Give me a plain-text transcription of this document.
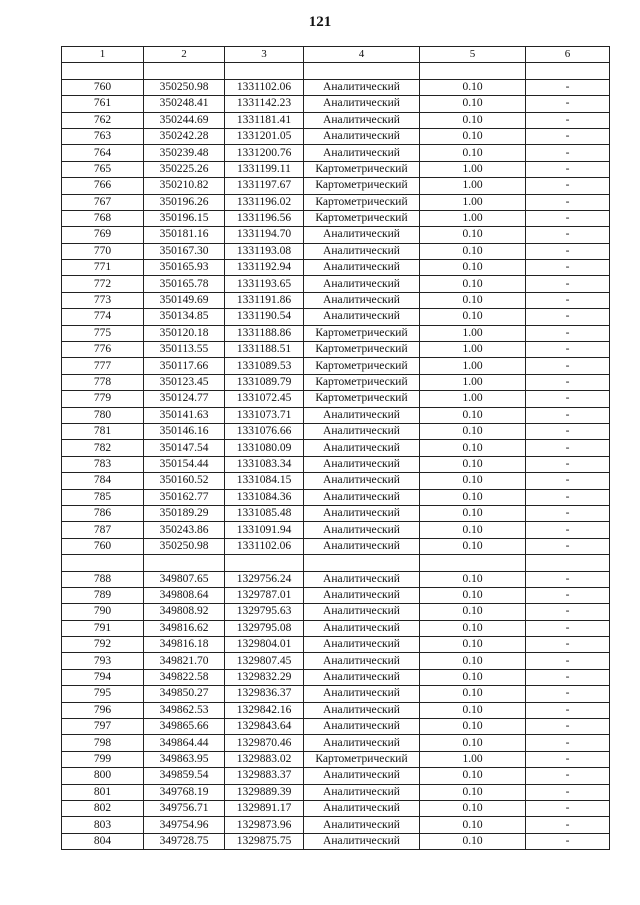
121
1	2	3	4	5	6

760	350250.98	1331102.06	Аналитический	0.10	-
761	350248.41	1331142.23	Аналитический	0.10	-
762	350244.69	1331181.41	Аналитический	0.10	-
763	350242.28	1331201.05	Аналитический	0.10	-
764	350239.48	1331200.76	Аналитический	0.10	-
765	350225.26	1331199.11	Картометрический	1.00	-
766	350210.82	1331197.67	Картометрический	1.00	-
767	350196.26	1331196.02	Картометрический	1.00	-
768	350196.15	1331196.56	Картометрический	1.00	-
769	350181.16	1331194.70	Аналитический	0.10	-
770	350167.30	1331193.08	Аналитический	0.10	-
771	350165.93	1331192.94	Аналитический	0.10	-
772	350165.78	1331193.65	Аналитический	0.10	-
773	350149.69	1331191.86	Аналитический	0.10	-
774	350134.85	1331190.54	Аналитический	0.10	-
775	350120.18	1331188.86	Картометрический	1.00	-
776	350113.55	1331188.51	Картометрический	1.00	-
777	350117.66	1331089.53	Картометрический	1.00	-
778	350123.45	1331089.79	Картометрический	1.00	-
779	350124.77	1331072.45	Картометрический	1.00	-
780	350141.63	1331073.71	Аналитический	0.10	-
781	350146.16	1331076.66	Аналитический	0.10	-
782	350147.54	1331080.09	Аналитический	0.10	-
783	350154.44	1331083.34	Аналитический	0.10	-
784	350160.52	1331084.15	Аналитический	0.10	-
785	350162.77	1331084.36	Аналитический	0.10	-
786	350189.29	1331085.48	Аналитический	0.10	-
787	350243.86	1331091.94	Аналитический	0.10	-
760	350250.98	1331102.06	Аналитический	0.10	-

788	349807.65	1329756.24	Аналитический	0.10	-
789	349808.64	1329787.01	Аналитический	0.10	-
790	349808.92	1329795.63	Аналитический	0.10	-
791	349816.62	1329795.08	Аналитический	0.10	-
792	349816.18	1329804.01	Аналитический	0.10	-
793	349821.70	1329807.45	Аналитический	0.10	-
794	349822.58	1329832.29	Аналитический	0.10	-
795	349850.27	1329836.37	Аналитический	0.10	-
796	349862.53	1329842.16	Аналитический	0.10	-
797	349865.66	1329843.64	Аналитический	0.10	-
798	349864.44	1329870.46	Аналитический	0.10	-
799	349863.95	1329883.02	Картометрический	1.00	-
800	349859.54	1329883.37	Аналитический	0.10	-
801	349768.19	1329889.39	Аналитический	0.10	-
802	349756.71	1329891.17	Аналитический	0.10	-
803	349754.96	1329873.96	Аналитический	0.10	-
804	349728.75	1329875.75	Аналитический	0.10	-
